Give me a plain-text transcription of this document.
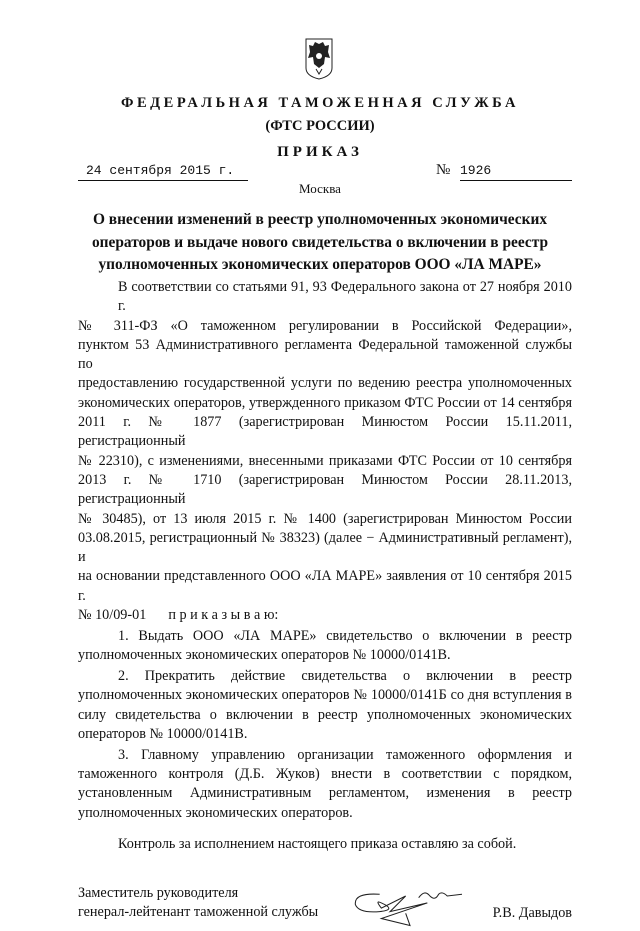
ФЕДЕРАЛЬНАЯ ТАМОЖЕННАЯ СЛУЖБА
(ФТС РОССИИ)
ПРИКАЗ
24 сентября 2015 г.	№ 1926
Москва
О внесении изменений в реестр уполномоченных экономических
операторов и выдаче нового свидетельства о включении в реестр
уполномоченных экономических операторов ООО «ЛА МАРЕ»
В соответствии со статьями 91, 93 Федерального закона от 27 ноября 2010 г.
№ 311-ФЗ «О таможенном регулировании в Российской Федерации»,
пунктом 53 Административного регламента Федеральной таможенной службы по
предоставлению государственной услуги по ведению реестра уполномоченных
экономических операторов, утвержденного приказом ФТС России от 14 сентября
2011 г. № 1877 (зарегистрирован Минюстом России 15.11.2011, регистрационный
№ 22310), с изменениями, внесенными приказами ФТС России от 10 сентября
2013 г. № 1710 (зарегистрирован Минюстом России 28.11.2013, регистрационный
№ 30485), от 13 июля 2015 г. № 1400 (зарегистрирован Минюстом России
03.08.2015, регистрационный № 38323) (далее − Административный регламент), и
на основании представленного ООО «ЛА МАРЕ» заявления от 10 сентября 2015 г.
№ 10/09-01 п р и к а з ы в а ю:
1. Выдать ООО «ЛА МАРЕ» свидетельство о включении в реестр
уполномоченных экономических операторов № 10000/0141В.
2. Прекратить действие свидетельства о включении в реестр
уполномоченных экономических операторов № 10000/0141Б со дня вступления в
силу свидетельства о включении в реестр уполномоченных экономических
операторов № 10000/0141В.
3. Главному управлению организации таможенного оформления и
таможенного контроля (Д.Б. Жуков) внести в соответствии с порядком,
установленным Административным регламентом, изменения в реестр
уполномоченных экономических операторов.
Контроль за исполнением настоящего приказа оставляю за собой.
Заместитель руководителя
генерал-лейтенант таможенной службы	Р.В. Давыдов
